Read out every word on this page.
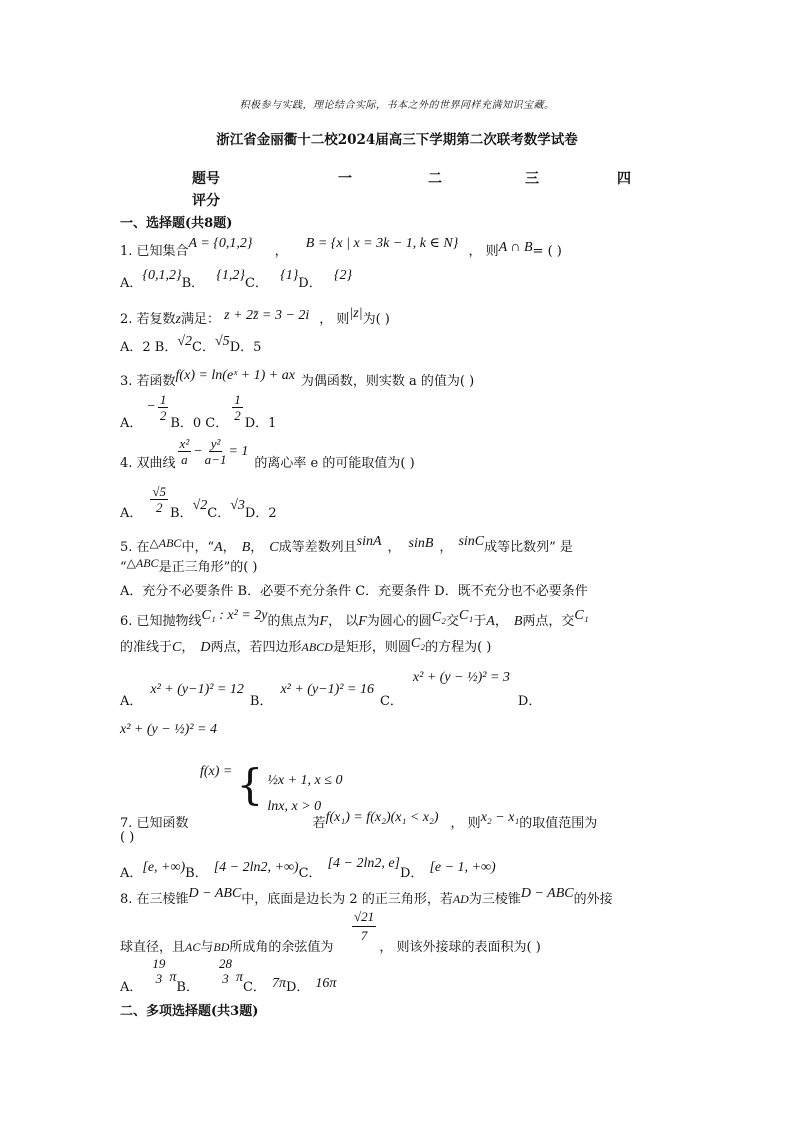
积极参与实践，理论结合实际，书本之外的世界同样充满知识宝藏。
浙江省金丽衢十二校2024届高三下学期第二次联考数学试卷
题号	一	二	三	四
评分
一、选择题(共8题)
1. 已知集合A = {0,1,2} ， B = {x | x = 3k − 1, k ∈ N} ， 则A ∩ B= ( )
A．{0,1,2}B． {1,2}C． {1}D． {2}
2. 若复数z满足： z + 2z̄ = 3 − 2i ， 则|z|为( )
A．2 B．√2C．√5D．5
3. 若函数f(x) = ln(eˣ + 1) + ax 为偶函数，则实数 a 的值为( )
A．− $\frac{1}{2}$
B．0 C．
$\frac{1}{2}$
D．1
4. 双曲线 $\frac{\text{x²}}{a} - \frac{\text{y²}}{a-1} = 1$的离心率 e 的可能取值为( )
A． $\frac{√5}{2}$ B．√2C．√3D．2
5. 在△ABC中，“A， B， C成等差数列且sinA ， sinB ， sinC成等比数列” 是
“△ABC是正三角形”的( )
A．充分不必要条件 B．必要不充分条件 C．充要条件 D．既不充分也不必要条件
6. 已知抛物线C₁ : x² = 2y的焦点为F， 以F为圆心的圆C₂交C₁于A， B两点，交C₁
的准线于C， D两点，若四边形ABCD是矩形，则圆C₂的方程为( )
A．x² + (y−1)² = 12B．x² + (y−1)² = 16C．x² + (y − ½)² = 3D．
x² + (y − ½)² = 4
f(x) = { ½x + 1, x ≤ 0
lnx, x > 0
7. 已知函数	若f(x₁) = f(x₂)(x₁ < x₂) ， 则x₂ − x₁的取值范围为
( )
A．[e, +∞)B． [4 − 2ln2, +∞)C．[4 − 2ln2, e]D． [e − 1, +∞)
8. 在三棱锥D − ABC中，底面是边长为 2 的正三角形，若AD为三棱锥D − ABC的外接
$\frac{√21}{7}$
球直径，且AC与BD所成角的余弦值为	， 则该外接球的表面积为( )
A．
19
3 πB．
28
3 πC． 7πD． 16π
二、多项选择题(共3题)
